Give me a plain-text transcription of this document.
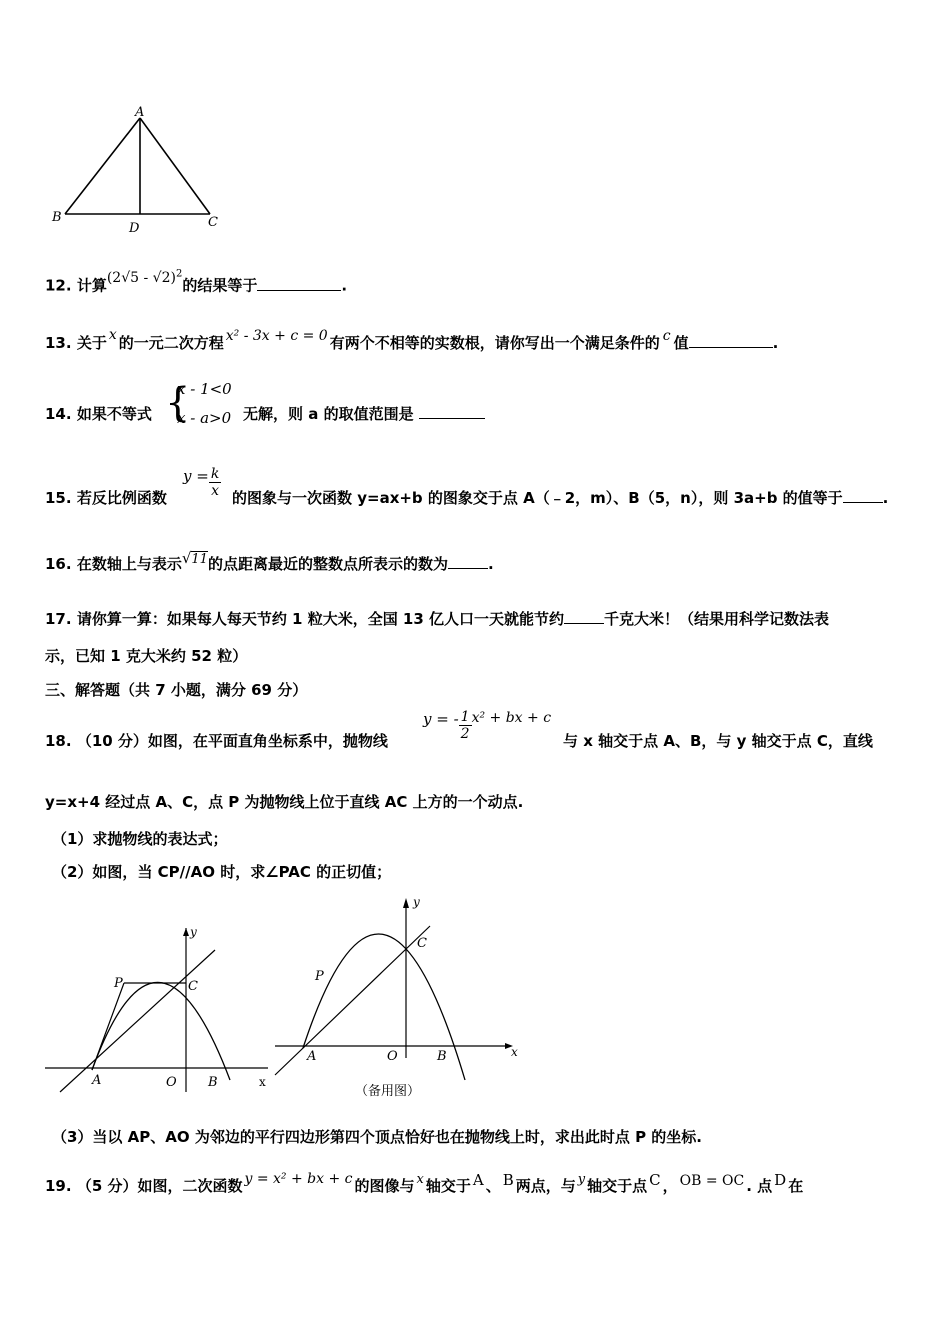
A
B	C
D
12. 计算(2√5 - √2)$^2$的结果等于	.
13. 关于 x 的一元二次方程 x² - 3x + c = 0 有两个不相等的实数根，请你写出一个满足条件的 c 值	.
14. 如果不等式 {
x - 1<0
x - a>0 无解，则 a 的取值范围是
15. 若反比例函数
$y = \frac{k}{x}$ 的图象与一次函数 y=ax+b 的图象交于点 A（﹣2，m）、B（5，n），则 3a+b 的值等于	.
16. 在数轴上与表示√11的点距离最近的整数点所表示的数为	.
17. 请你算一算：如果每人每天节约 1 粒大米，全国 13 亿人口一天就能节约	千克大米！（结果用科学记数法表
示，已知 1 克大米约 52 粒）
三、解答题（共 7 小题，满分 69 分）
18. （10 分）如图，在平面直角坐标系中，抛物线
y = - $\frac{1}{2} x^2$ + bx + c
与 x 轴交于点 A、B，与 y 轴交于点 C，直线
y=x+4 经过点 A、C，点 P 为抛物线上位于直线 AC 上方的一个动点.
（1）求抛物线的表达式；
（2）如图，当 CP//AO 时，求∠PAC 的正切值；
y
x
P	C
A	O B
y
x
P
C
A	O	B
（备用图）
（3）当以 AP、AO 为邻边的平行四边形第四个顶点恰好也在抛物线上时，求出此时点 P 的坐标.
19. （5 分）如图，二次函数 y = x² + bx + c 的图像与 x 轴交于 A 、 B 两点，与 y 轴交于点 C ， OB = OC . 点 D 在
